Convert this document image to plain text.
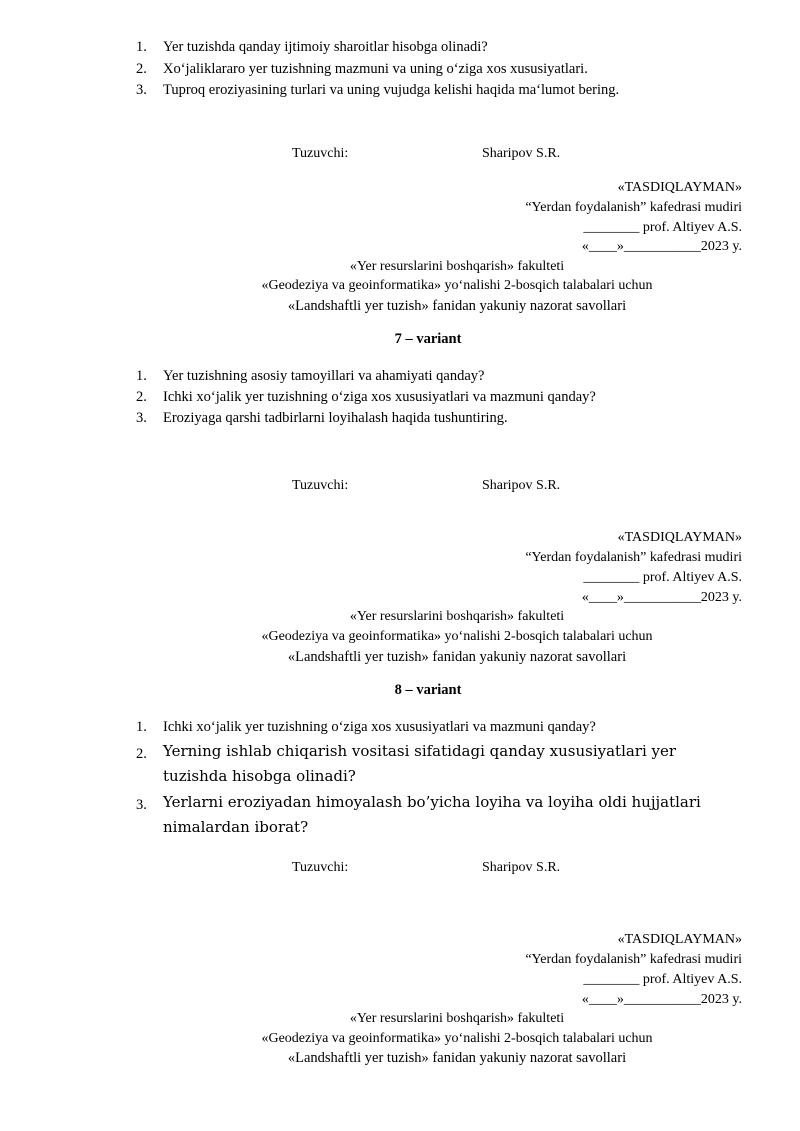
1. Yer tuzishda qanday ijtimoiy sharoitlar hisobga olinadi?
2. Xo‘jaliklararo yer tuzishning mazmuni va uning o‘ziga xos xususiyatlari.
3. Tuproq eroziyasining turlari va uning vujudga kelishi haqida ma‘lumot bering.
Tuzuvchi:	Sharipov S.R.
«TASDIQLAYMAN»
“Yerdan foydalanish” kafedrasi mudiri
________ prof. Altiyev A.S.
«____»___________2023 y.
«Yer resurslarini boshqarish» fakulteti
«Geodeziya va geoinformatika» yo‘nalishi 2-bosqich talabalari uchun
«Landshaftli yer tuzish» fanidan yakuniy nazorat savollari
7 – variant
1. Yer tuzishning asosiy tamoyillari va ahamiyati qanday?
2. Ichki xo‘jalik yer tuzishning o‘ziga xos xususiyatlari va mazmuni qanday?
3. Eroziyaga qarshi tadbirlarni loyihalash haqida tushuntiring.
Tuzuvchi:	Sharipov S.R.
«TASDIQLAYMAN»
“Yerdan foydalanish” kafedrasi mudiri
________ prof. Altiyev A.S.
«____»___________2023 y.
«Yer resurslarini boshqarish» fakulteti
«Geodeziya va geoinformatika» yo‘nalishi 2-bosqich talabalari uchun
«Landshaftli yer tuzish» fanidan yakuniy nazorat savollari
8 – variant
1. Ichki xo‘jalik yer tuzishning o‘ziga xos xususiyatlari va mazmuni qanday?
2. Yerning ishlab chiqarish vositasi sifatidagi qanday xususiyatlari yer
tuzishda hisobga olinadi?
3. Yerlarni eroziyadan himoyalash bo’yicha loyiha va loyiha oldi hujjatlari
nimalardan iborat?
Tuzuvchi:	Sharipov S.R.
«TASDIQLAYMAN»
“Yerdan foydalanish” kafedrasi mudiri
________ prof. Altiyev A.S.
«____»___________2023 y.
«Yer resurslarini boshqarish» fakulteti
«Geodeziya va geoinformatika» yo‘nalishi 2-bosqich talabalari uchun
«Landshaftli yer tuzish» fanidan yakuniy nazorat savollari
